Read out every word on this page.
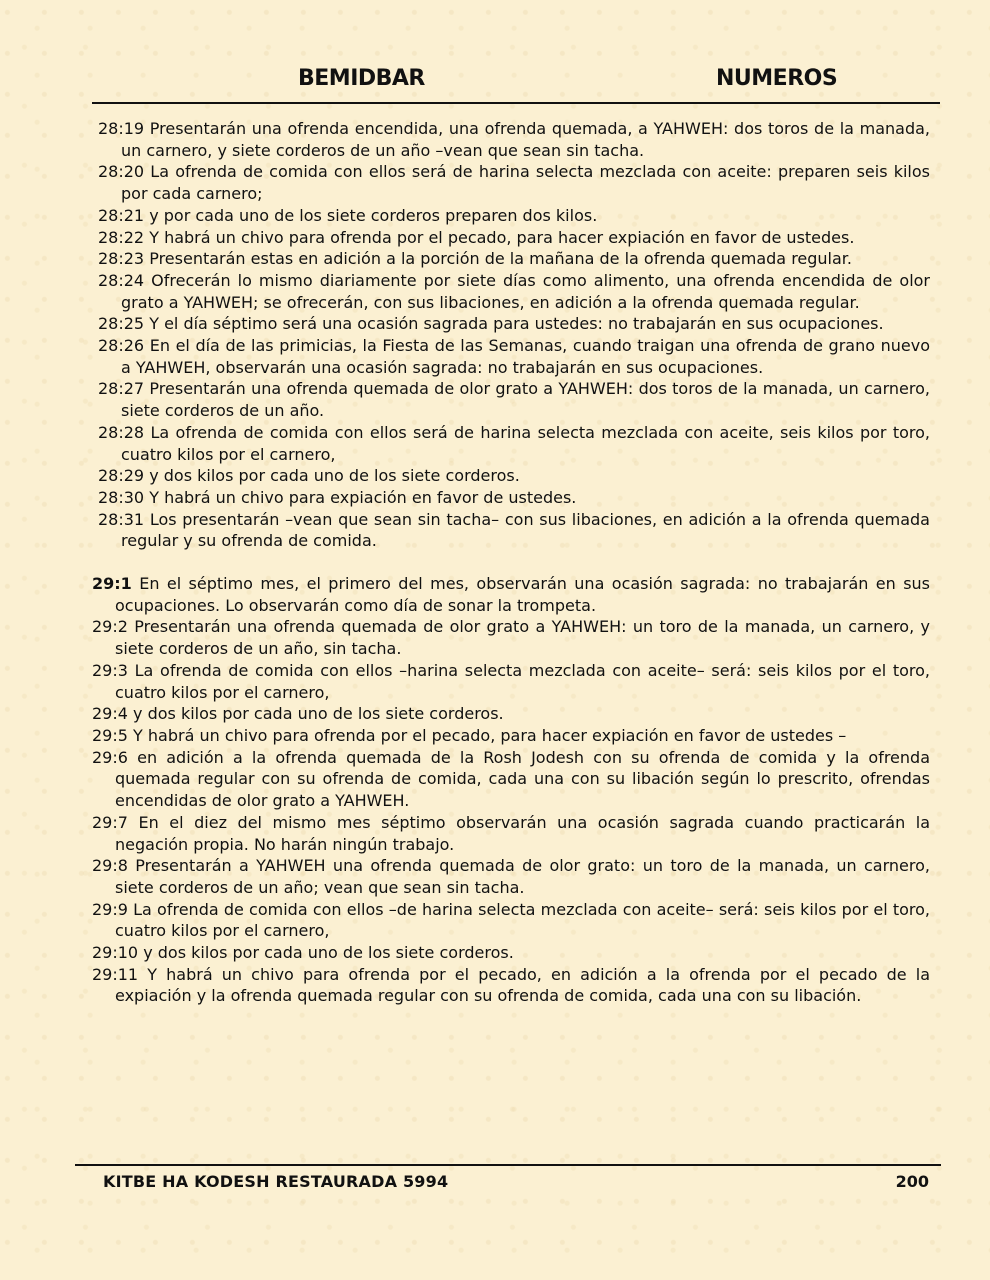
BEMIDBAR	NUMEROS

28:19 Presentarán una ofrenda encendida, una ofrenda quemada, a YAHWEH: dos toros de la manada, un carnero, y siete corderos de un año –vean que sean sin tacha.

28:20 La ofrenda de comida con ellos será de harina selecta mezclada con aceite: preparen seis kilos por cada carnero;

28:21 y por cada uno de los siete corderos preparen dos kilos.

28:22 Y habrá un chivo para ofrenda por el pecado, para hacer expiación en favor de ustedes.

28:23 Presentarán estas en adición a la porción de la mañana de la ofrenda quemada regular.

28:24 Ofrecerán lo mismo diariamente por siete días como alimento, una ofrenda encendida de olor grato a YAHWEH; se ofrecerán, con sus libaciones, en adición a la ofrenda quemada regular.

28:25 Y el día séptimo será una ocasión sagrada para ustedes: no trabajarán en sus ocupaciones.

28:26 En el día de las primicias, la Fiesta de las Semanas, cuando traigan una ofrenda de grano nuevo a YAHWEH, observarán una ocasión sagrada: no trabajarán en sus ocupaciones.

28:27 Presentarán una ofrenda quemada de olor grato a YAHWEH: dos toros de la manada, un carnero, siete corderos de un año.

28:28 La ofrenda de comida con ellos será de harina selecta mezclada con aceite, seis kilos por toro, cuatro kilos por el carnero,

28:29 y dos kilos por cada uno de los siete corderos.

28:30 Y habrá un chivo para expiación en favor de ustedes.

28:31 Los presentarán –vean que sean sin tacha– con sus libaciones, en adición a la ofrenda quemada regular y su ofrenda de comida.

29:1 En el séptimo mes, el primero del mes, observarán una ocasión sagrada: no trabajarán en sus ocupaciones. Lo observarán como día de sonar la trompeta.

29:2 Presentarán una ofrenda quemada de olor grato a YAHWEH: un toro de la manada, un carnero, y siete corderos de un año, sin tacha.

29:3 La ofrenda de comida con ellos –harina selecta mezclada con aceite– será: seis kilos por el toro, cuatro kilos por el carnero,

29:4 y dos kilos por cada uno de los siete corderos.

29:5 Y habrá un chivo para ofrenda por el pecado, para hacer expiación en favor de ustedes –

29:6 en adición a la ofrenda quemada de la Rosh Jodesh con su ofrenda de comida y la ofrenda quemada regular con su ofrenda de comida, cada una con su libación según lo prescrito, ofrendas encendidas de olor grato a YAHWEH.

29:7 En el diez del mismo mes séptimo observarán una ocasión sagrada cuando practicarán la negación propia. No harán ningún trabajo.

29:8 Presentarán a YAHWEH una ofrenda quemada de olor grato: un toro de la manada, un carnero, siete corderos de un año; vean que sean sin tacha.

29:9 La ofrenda de comida con ellos –de harina selecta mezclada con aceite– será: seis kilos por el toro, cuatro kilos por el carnero,

29:10 y dos kilos por cada uno de los siete corderos.

29:11 Y habrá un chivo para ofrenda por el pecado, en adición a la ofrenda por el pecado de la expiación y la ofrenda quemada regular con su ofrenda de comida, cada una con su libación.

KITBE HA KODESH RESTAURADA 5994	200
